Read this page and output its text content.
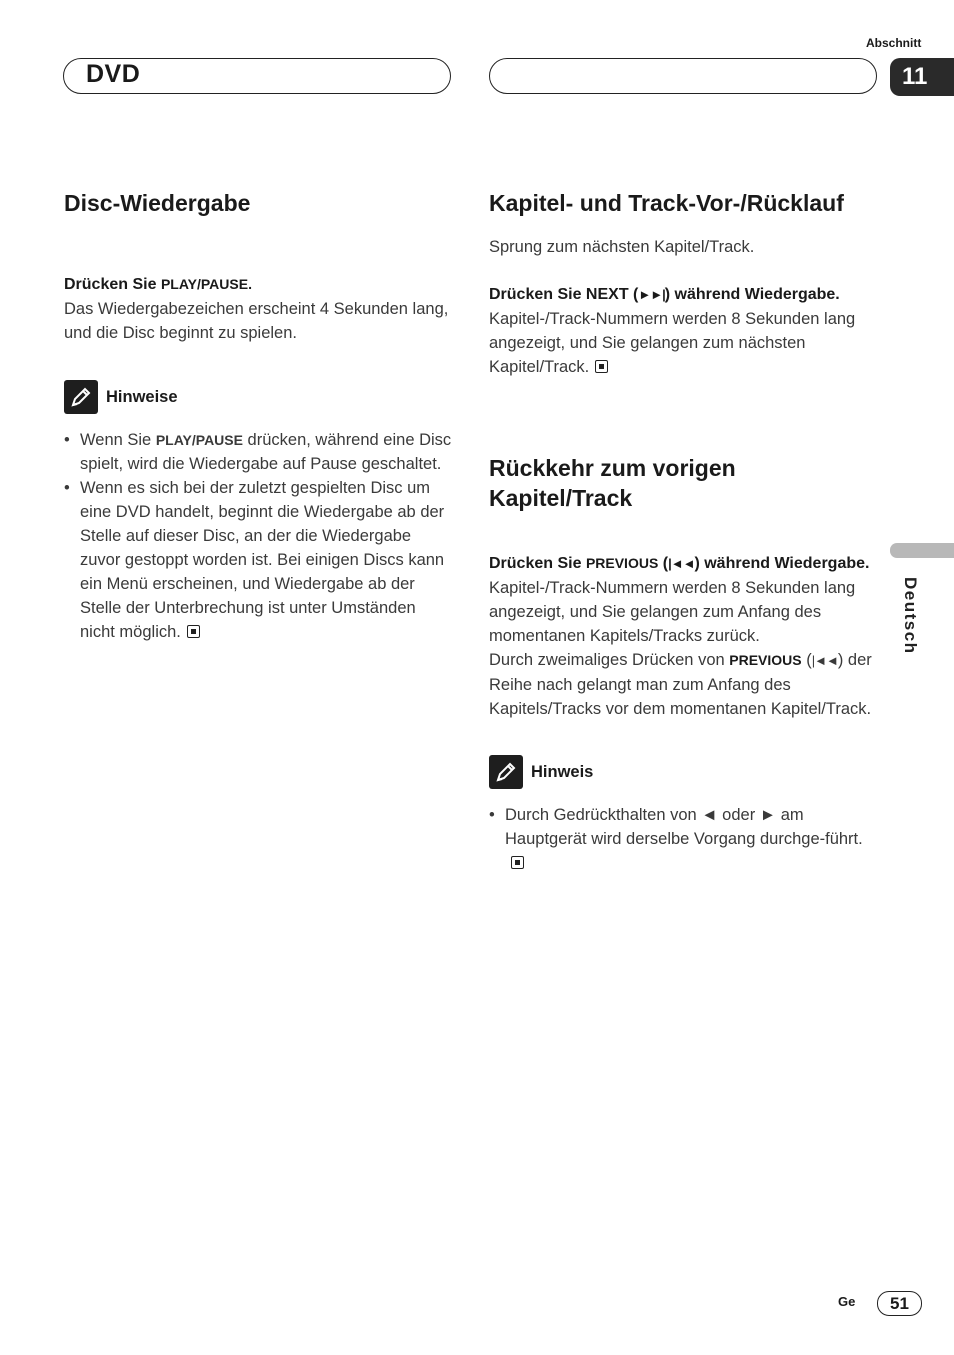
Abschnitt
DVD	11
Disc-Wiedergabe

Drücken Sie PLAY/PAUSE.

Das Wiedergabezeichen erscheint 4 Sekunden lang, und die Disc beginnt zu spielen.

Hinweise
• Wenn Sie PLAY/PAUSE drücken, während eine Disc spielt, wird die Wiedergabe auf Pause geschaltet.
• Wenn es sich bei der zuletzt gespielten Disc um eine DVD handelt, beginnt die Wiedergabe ab der Stelle auf dieser Disc, an der die Wiedergabe zuvor gestoppt worden ist. Bei einigen Discs kann ein Menü erscheinen, und Wiedergabe ab der Stelle der Unterbrechung ist unter Umständen nicht möglich.
Kapitel- und Track-Vor-/Rücklauf

Sprung zum nächsten Kapitel/Track.

Drücken Sie NEXT (►►|) während Wiedergabe.

Kapitel-/Track-Nummern werden 8 Sekunden lang angezeigt, und Sie gelangen zum nächsten Kapitel/Track.

Rückkehr zum vorigen Kapitel/Track

Drücken Sie PREVIOUS (|◄◄) während Wiedergabe.

Kapitel-/Track-Nummern werden 8 Sekunden lang angezeigt, und Sie gelangen zum Anfang des momentanen Kapitels/Tracks zurück.

Durch zweimaliges Drücken von PREVIOUS (|◄◄) der Reihe nach gelangt man zum Anfang des Kapitels/Tracks vor dem momentanen Kapitel/Track.

Hinweis
• Durch Gedrückthalten von ◄ oder ► am Hauptgerät wird derselbe Vorgang durchge-führt.
Deutsch
Ge	51
